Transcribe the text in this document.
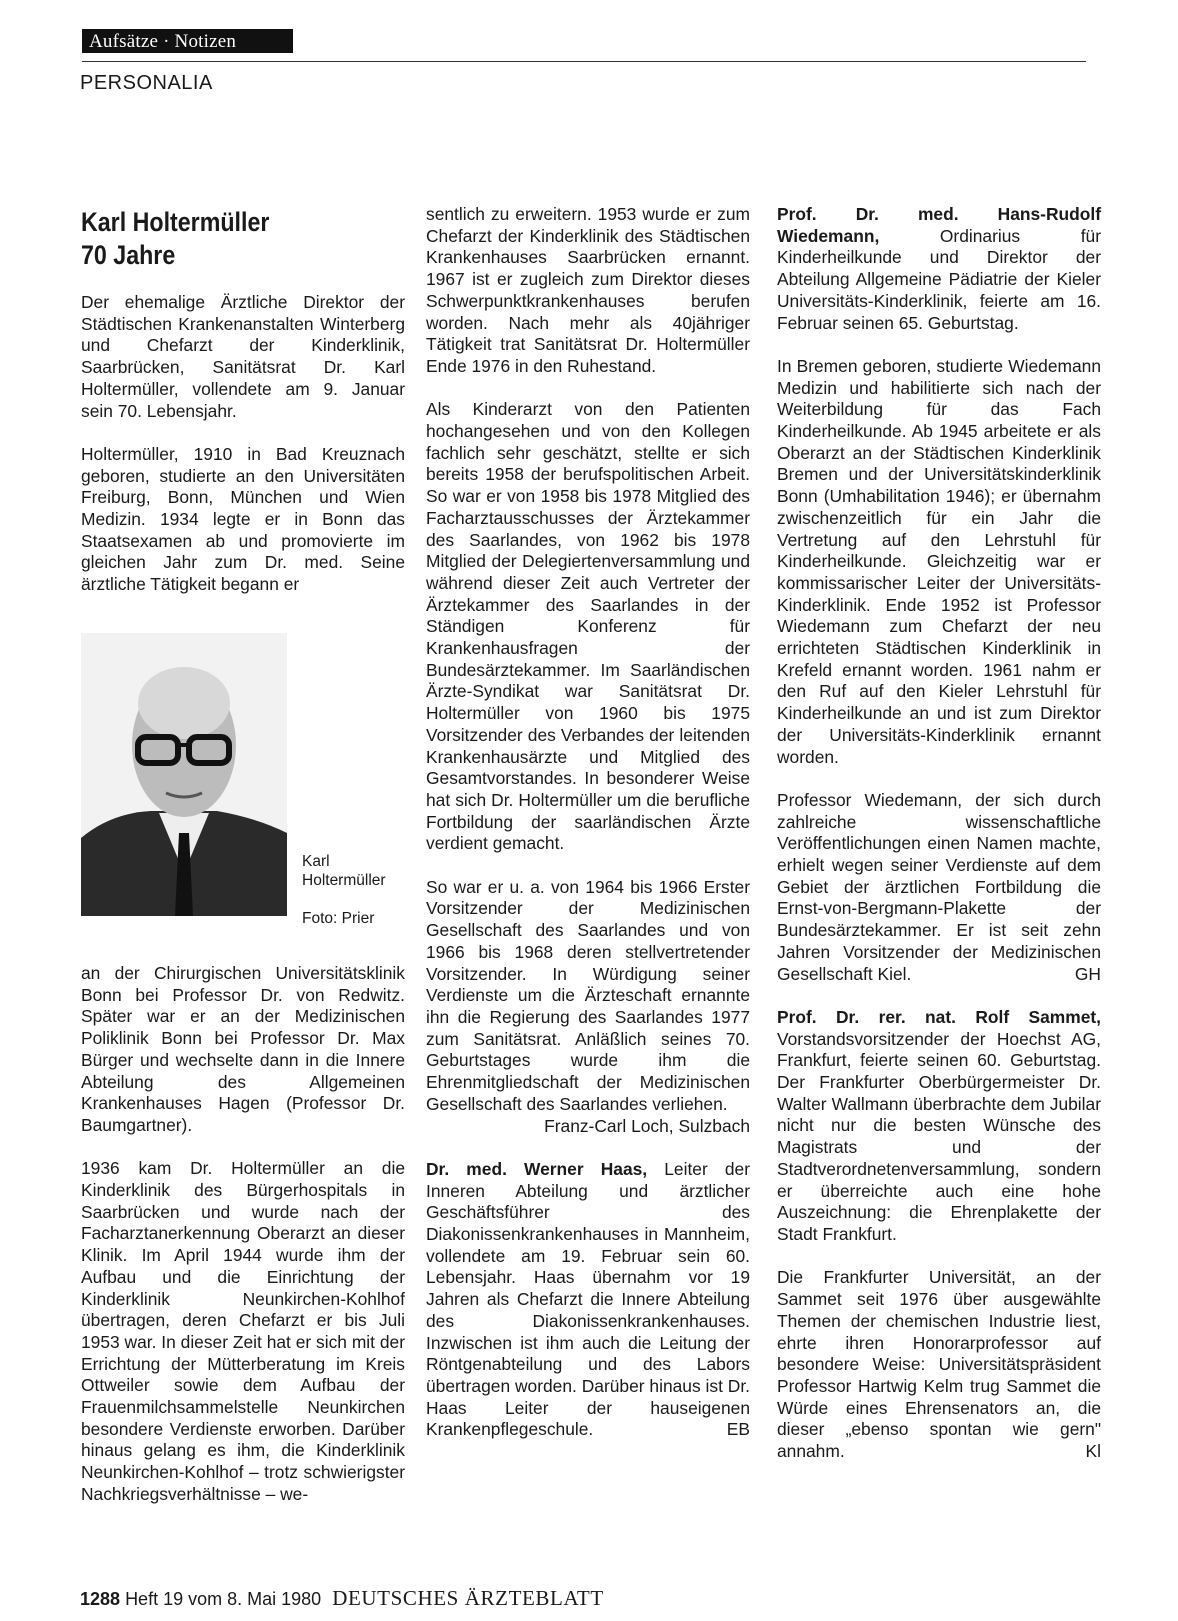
Aufsätze · Notizen
PERSONALIA
Karl Holtermüller
70 Jahre

Der ehemalige Ärztliche Direktor der Städtischen Krankenanstalten Winterberg und Chefarzt der Kinderklinik, Saarbrücken, Sanitätsrat Dr. Karl Holtermüller, vollendete am 9. Januar sein 70. Lebensjahr.

Holtermüller, 1910 in Bad Kreuznach geboren, studierte an den Universitäten Freiburg, Bonn, München und Wien Medizin. 1934 legte er in Bonn das Staatsexamen ab und promovierte im gleichen Jahr zum Dr. med. Seine ärztliche Tätigkeit begann er

Karl
Holtermüller
Foto: Prier

an der Chirurgischen Universitätsklinik Bonn bei Professor Dr. von Redwitz. Später war er an der Medizinischen Poliklinik Bonn bei Professor Dr. Max Bürger und wechselte dann in die Innere Abteilung des Allgemeinen Krankenhauses Hagen (Professor Dr. Baumgartner).

1936 kam Dr. Holtermüller an die Kinderklinik des Bürgerhospitals in Saarbrücken und wurde nach der Facharztanerkennung Oberarzt an dieser Klinik. Im April 1944 wurde ihm der Aufbau und die Einrichtung der Kinderklinik Neunkirchen-Kohlhof übertragen, deren Chefarzt er bis Juli 1953 war. In dieser Zeit hat er sich mit der Errichtung der Mütterberatung im Kreis Ottweiler sowie dem Aufbau der Frauenmilchsammelstelle Neunkirchen besondere Verdienste erworben. Darüber hinaus gelang es ihm, die Kinderklinik Neunkirchen-Kohlhof – trotz schwierigster Nachkriegsverhältnisse – we-

sentlich zu erweitern. 1953 wurde er zum Chefarzt der Kinderklinik des Städtischen Krankenhauses Saarbrücken ernannt. 1967 ist er zugleich zum Direktor dieses Schwerpunktkrankenhauses berufen worden. Nach mehr als 40jähriger Tätigkeit trat Sanitätsrat Dr. Holtermüller Ende 1976 in den Ruhestand.

Als Kinderarzt von den Patienten hochangesehen und von den Kollegen fachlich sehr geschätzt, stellte er sich bereits 1958 der berufspolitischen Arbeit. So war er von 1958 bis 1978 Mitglied des Facharztausschusses der Ärztekammer des Saarlandes, von 1962 bis 1978 Mitglied der Delegiertenversammlung und während dieser Zeit auch Vertreter der Ärztekammer des Saarlandes in der Ständigen Konferenz für Krankenhausfragen der Bundesärztekammer. Im Saarländischen Ärzte-Syndikat war Sanitätsrat Dr. Holtermüller von 1960 bis 1975 Vorsitzender des Verbandes der leitenden Krankenhausärzte und Mitglied des Gesamtvorstandes. In besonderer Weise hat sich Dr. Holtermüller um die berufliche Fortbildung der saarländischen Ärzte verdient gemacht.

So war er u. a. von 1964 bis 1966 Erster Vorsitzender der Medizinischen Gesellschaft des Saarlandes und von 1966 bis 1968 deren stellvertretender Vorsitzender. In Würdigung seiner Verdienste um die Ärzteschaft ernannte ihn die Regierung des Saarlandes 1977 zum Sanitätsrat. Anläßlich seines 70. Geburtstages wurde ihm die Ehrenmitgliedschaft der Medizinischen Gesellschaft des Saarlandes verliehen.

Franz-Carl Loch, Sulzbach

Dr. med. Werner Haas, Leiter der Inneren Abteilung und ärztlicher Geschäftsführer des Diakonissenkrankenhauses in Mannheim, vollendete am 19. Februar sein 60. Lebensjahr. Haas übernahm vor 19 Jahren als Chefarzt die Innere Abteilung des Diakonissenkrankenhauses. Inzwischen ist ihm auch die Leitung der Röntgenabteilung und des Labors übertragen worden. Darüber hinaus ist Dr. Haas Leiter der hauseigenen Krankenpflegeschule.	EB

Prof. Dr. med. Hans-Rudolf Wiedemann, Ordinarius für Kinderheilkunde und Direktor der Abteilung Allgemeine Pädiatrie der Kieler Universitäts-Kinderklinik, feierte am 16. Februar seinen 65. Geburtstag.

In Bremen geboren, studierte Wiedemann Medizin und habilitierte sich nach der Weiterbildung für das Fach Kinderheilkunde. Ab 1945 arbeitete er als Oberarzt an der Städtischen Kinderklinik Bremen und der Universitätskinderklinik Bonn (Umhabilitation 1946); er übernahm zwischenzeitlich für ein Jahr die Vertretung auf den Lehrstuhl für Kinderheilkunde. Gleichzeitig war er kommissarischer Leiter der Universitäts-Kinderklinik. Ende 1952 ist Professor Wiedemann zum Chefarzt der neu errichteten Städtischen Kinderklinik in Krefeld ernannt worden. 1961 nahm er den Ruf auf den Kieler Lehrstuhl für Kinderheilkunde an und ist zum Direktor der Universitäts-Kinderklinik ernannt worden.

Professor Wiedemann, der sich durch zahlreiche wissenschaftliche Veröffentlichungen einen Namen machte, erhielt wegen seiner Verdienste auf dem Gebiet der ärztlichen Fortbildung die Ernst-von-Bergmann-Plakette der Bundesärztekammer. Er ist seit zehn Jahren Vorsitzender der Medizinischen Gesellschaft Kiel.	GH

Prof. Dr. rer. nat. Rolf Sammet, Vorstandsvorsitzender der Hoechst AG, Frankfurt, feierte seinen 60. Geburtstag. Der Frankfurter Oberbürgermeister Dr. Walter Wallmann überbrachte dem Jubilar nicht nur die besten Wünsche des Magistrats und der Stadtverordnetenversammlung, sondern er überreichte auch eine hohe Auszeichnung: die Ehrenplakette der Stadt Frankfurt.

Die Frankfurter Universität, an der Sammet seit 1976 über ausgewählte Themen der chemischen Industrie liest, ehrte ihren Honorarprofessor auf besondere Weise: Universitätspräsident Professor Hartwig Kelm trug Sammet die Würde eines Ehrensenators an, die dieser „ebenso spontan wie gern" annahm.	Kl

1288 Heft 19 vom 8. Mai 1980 DEUTSCHES ÄRZTEBLATT
